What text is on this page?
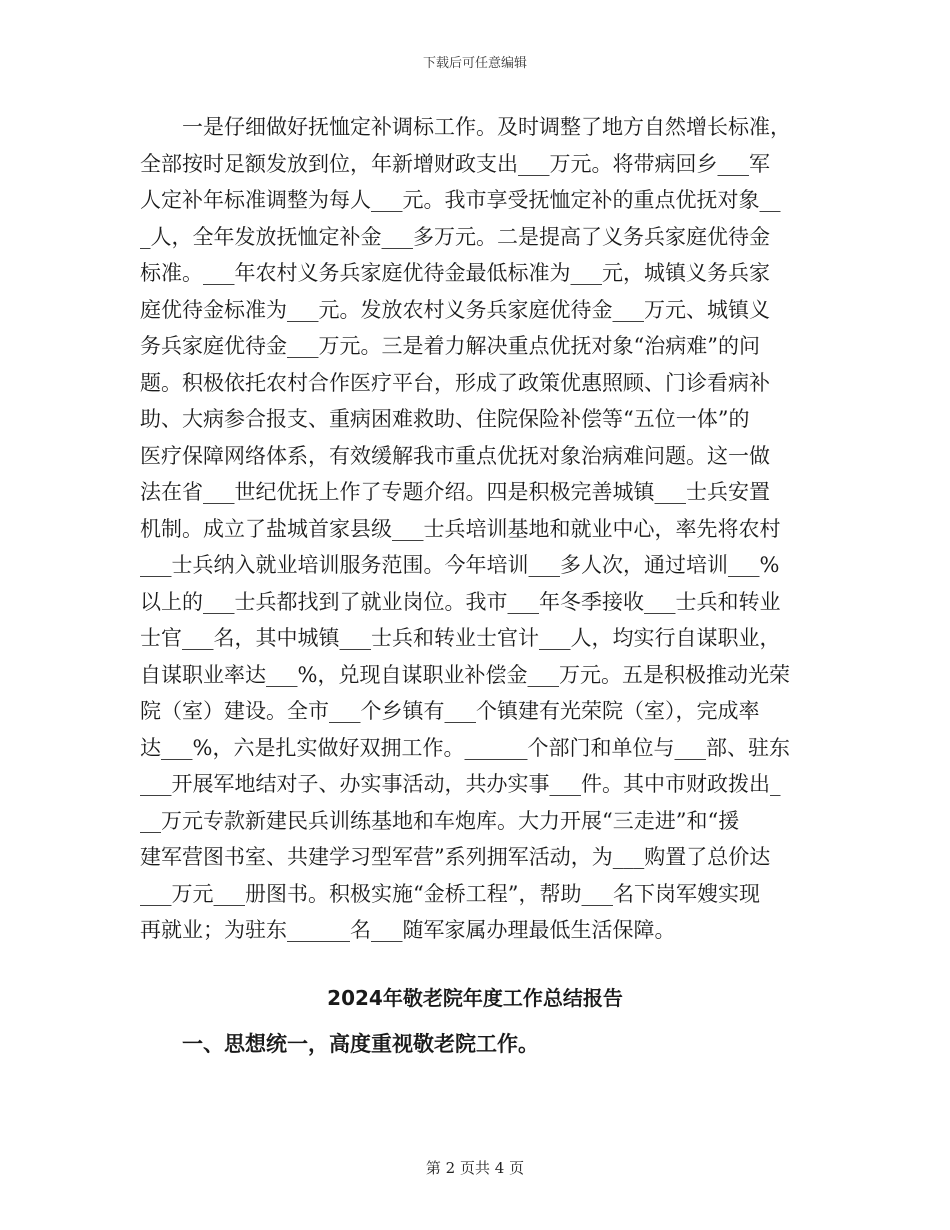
下载后可任意编辑

一是仔细做好抚恤定补调标工作。及时调整了地方自然增长标准，
全部按时足额发放到位，年新增财政支出___万元。将带病回乡___军
人定补年标准调整为每人___元。我市享受抚恤定补的重点优抚对象__
_人，全年发放抚恤定补金___多万元。二是提高了义务兵家庭优待金
标准。___年农村义务兵家庭优待金最低标准为___元，城镇义务兵家
庭优待金标准为___元。发放农村义务兵家庭优待金___万元、城镇义
务兵家庭优待金___万元。三是着力解决重点优抚对象“治病难”的问
题。积极依托农村合作医疗平台，形成了政策优惠照顾、门诊看病补
助、大病参合报支、重病困难救助、住院保险补偿等“五位一体”的
医疗保障网络体系，有效缓解我市重点优抚对象治病难问题。这一做
法在省___世纪优抚上作了专题介绍。四是积极完善城镇___士兵安置
机制。成立了盐城首家县级___士兵培训基地和就业中心，率先将农村
___士兵纳入就业培训服务范围。今年培训___多人次，通过培训___%
以上的___士兵都找到了就业岗位。我市___年冬季接收___士兵和转业
士官___名，其中城镇___士兵和转业士官计___人，均实行自谋职业，
自谋职业率达___%，兑现自谋职业补偿金___万元。五是积极推动光荣
院（室）建设。全市___个乡镇有___个镇建有光荣院（室），完成率
达___%，六是扎实做好双拥工作。______个部门和单位与___部、驻东
___开展军地结对子、办实事活动，共办实事___件。其中市财政拨出_
__万元专款新建民兵训练基地和车炮库。大力开展“三走进”和“援
建军营图书室、共建学习型军营”系列拥军活动，为___购置了总价达
___万元___册图书。积极实施“金桥工程”，帮助___名下岗军嫂实现
再就业；为驻东______名___随军家属办理最低生活保障。

2024年敬老院年度工作总结报告
一、思想统一，高度重视敬老院工作。
第 2 页共 4 页
